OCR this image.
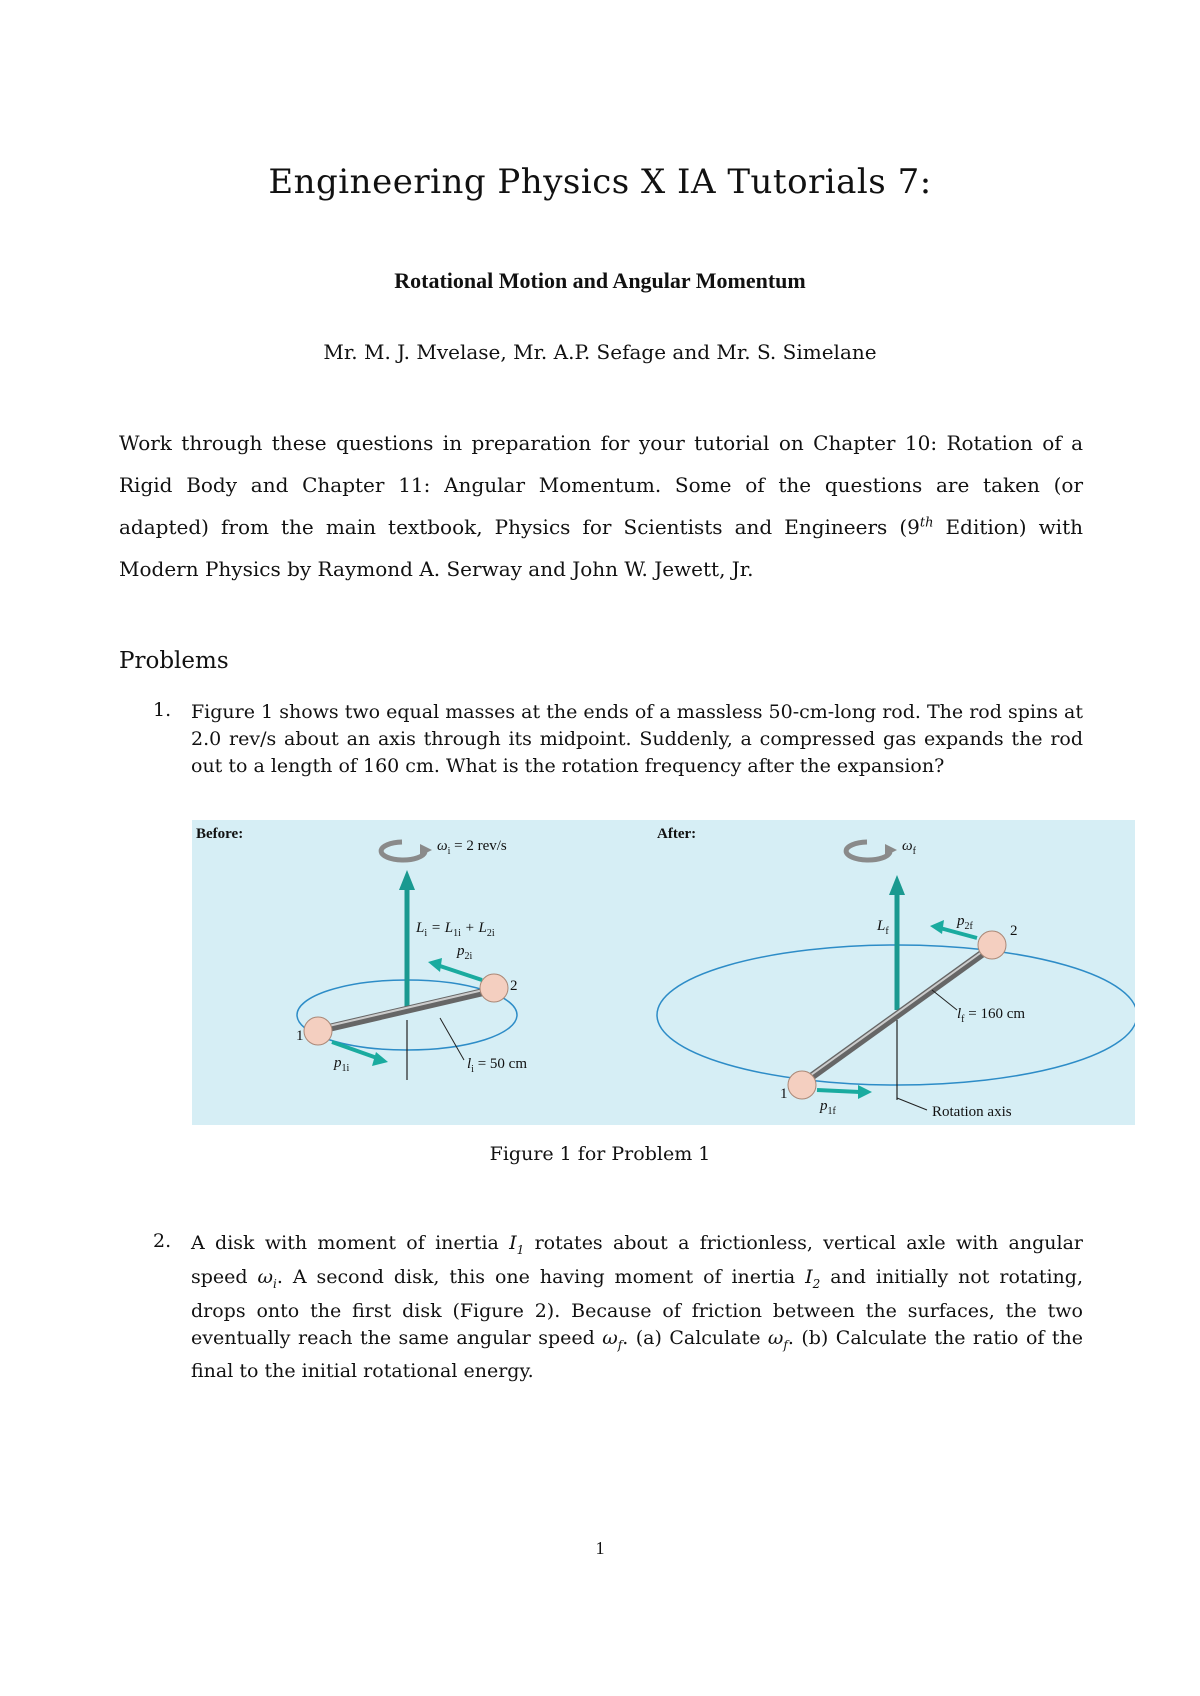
Engineering Physics X IA Tutorials 7:
Rotational Motion and Angular Momentum
Mr. M. J. Mvelase, Mr. A.P. Sefage and Mr. S. Simelane

Work through these questions in preparation for your tutorial on Chapter 10: Rotation of a Rigid Body and Chapter 11: Angular Momentum. Some of the questions are taken (or adapted) from the main textbook, Physics for Scientists and Engineers (9th Edition) with Modern Physics by Raymond A. Serway and John W. Jewett, Jr.

Problems
1. Figure 1 shows two equal masses at the ends of a massless 50-cm-long rod. The rod spins at 2.0 rev/s about an axis through its midpoint. Suddenly, a compressed gas expands the rod out to a length of 160 cm. What is the rotation frequency after the expansion?
Before:
$\omega_i = 2$ rev/s
$L_i = L_{1i} + L_{2i}$
1
2
$p_{2i}$
$p_{1i}$	$l_i = 50$ cm
After:
$\omega_f$
$L_f$
1
2
$p_{2f}$
$p_{1f}$
$l_f = 160$ cm
Rotation axis
Figure 1 for Problem 1
2. A disk with moment of inertia $I_1$ rotates about a frictionless, vertical axle with angular speed $\omega_i$. A second disk, this one having moment of inertia $I_2$ and initially not rotating, drops onto the first disk (Figure 2). Because of friction between the surfaces, the two eventually reach the same angular speed $\omega_f$. (a) Calculate $\omega_f$. (b) Calculate the ratio of the final to the initial rotational energy.
1
